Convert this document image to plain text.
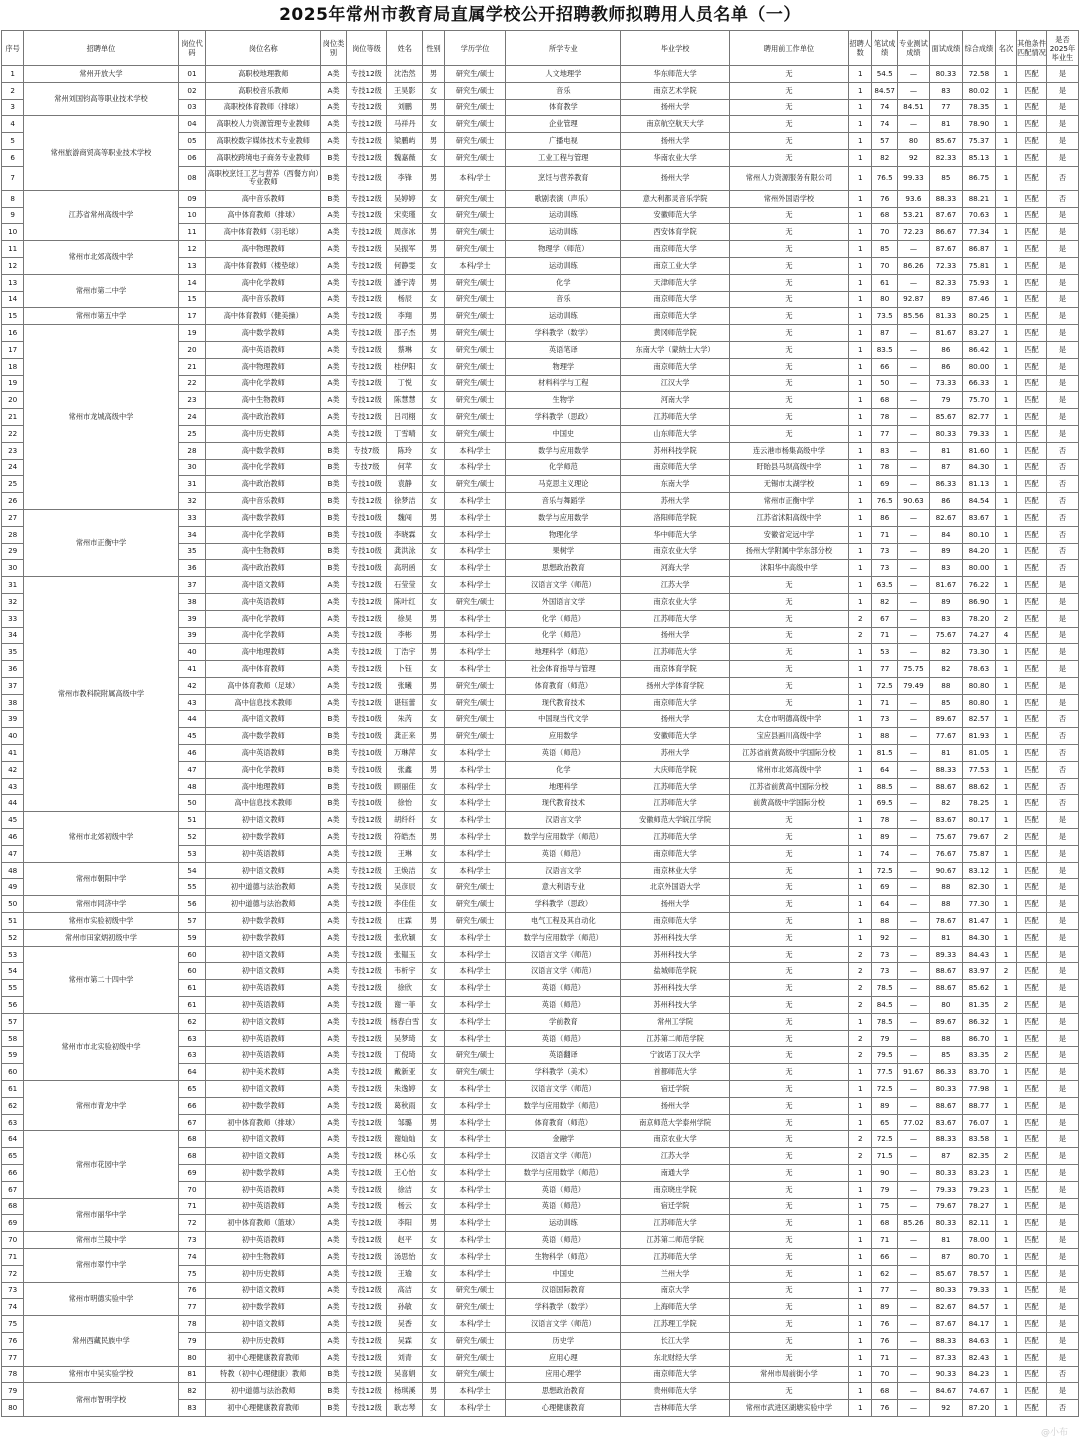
2025年常州市教育局直属学校公开招聘教师拟聘用人员名单（一）
序号	招聘单位	岗位代码	岗位名称	岗位类别	岗位等级	姓名	性别	学历学位	所学专业	毕业学校	聘用前工作单位	招聘人数	笔试成绩	专业测试成绩	面试成绩	综合成绩	名次	其他条件匹配情况	是否2025年毕业生
1	常州开放大学	01	高职校地理教师	A类	专技12级	沈浩然	男	研究生/硕士	人文地理学	华东师范大学	无	1	54.5	—	80.33	72.58	1	匹配	是
2	常州刘国钧高等职业技术学校	02	高职校音乐教师	A类	专技12级	王昊影	女	研究生/硕士	音乐	南京艺术学院	无	1	84.57	—	83	80.02	1	匹配	是
3		03	高职校体育教师（排球）	A类	专技12级	刘鹏	男	研究生/硕士	体育教学	扬州大学	无	1	74	84.51	77	78.35	1	匹配	是
4	常州旅游商贸高等职业技术学校	04	高职校人力资源管理专业教师	A类	专技12级	马祥丹	女	研究生/硕士	企业管理	南京航空航天大学	无	1	74	—	81	78.90	1	匹配	是
5		05	高职校数字媒体技术专业教师	A类	专技12级	梁鹏屿	男	研究生/硕士	广播电视	扬州大学	无	1	57	80	85.67	75.37	1	匹配	是
6		06	高职校跨境电子商务专业教师	B类	专技12级	魏嘉薇	女	研究生/硕士	工业工程与管理	华南农业大学	无	1	82	92	82.33	85.13	1	匹配	是
7		08	高职校烹饪工艺与营养（西餐方向）专业教师	B类	专技12级	李锋	男	本科/学士	烹饪与营养教育	扬州大学	常州人力资源服务有限公司	1	76.5	99.33	85	86.75	1	匹配	否
8	江苏省常州高级中学	09	高中音乐教师	B类	专技12级	吴婷婷	女	研究生/硕士	歌剧表演（声乐）	意大利都灵音乐学院	常州外国语学校	1	76	93.6	88.33	88.21	1	匹配	否
9		10	高中体育教师（排球）	A类	专技12级	宋奕瑾	女	研究生/硕士	运动训练	安徽师范大学	无	1	68	53.21	87.67	70.63	1	匹配	是
10		11	高中体育教师（羽毛球）	A类	专技12级	周彦冰	男	研究生/硕士	运动训练	西安体育学院	无	1	70	72.23	86.67	77.34	1	匹配	是
11	常州市北郊高级中学	12	高中物理教师	A类	专技12级	吴振军	男	研究生/硕士	物理学（师范）	南京师范大学	无	1	85	—	87.67	86.87	1	匹配	是
12		13	高中体育教师（楼垫球）	A类	专技12级	何静雯	女	本科/学士	运动训练	南京工业大学	无	1	70	86.26	72.33	75.81	1	匹配	是
13	常州市第二中学	14	高中化学教师	A类	专技12级	潘宇涛	男	研究生/硕士	化学	天津师范大学	无	1	61	—	82.33	75.93	1	匹配	是
14		15	高中音乐教师	A类	专技12级	杨辰	女	研究生/硕士	音乐	南京师范大学	无	1	80	92.87	89	87.46	1	匹配	是
15	常州市第五中学	17	高中体育教师（健美操）	A类	专技12级	李翔	男	研究生/硕士	运动训练	南京师范大学	无	1	73.5	85.56	81.33	80.25	1	匹配	是
16	常州市龙城高级中学	19	高中数学教师	A类	专技12级	邵子杰	男	研究生/硕士	学科教学（数学）	黄冈师范学院	无	1	87	—	81.67	83.27	1	匹配	是
17		20	高中英语教师	A类	专技12级	蔡琳	女	研究生/硕士	英语笔译	东南大学（蒙纳士大学）	无	1	83.5	—	86	86.42	1	匹配	是
18		21	高中物理教师	A类	专技12级	桂伊阳	女	研究生/硕士	物理学	南京师范大学	无	1	66	—	86	80.00	1	匹配	是
19		22	高中化学教师	A类	专技12级	丁悦	女	研究生/硕士	材料科学与工程	江汉大学	无	1	50	—	73.33	66.33	1	匹配	是
20		23	高中生物教师	A类	专技12级	陈慧慧	女	研究生/硕士	生物学	河南大学	无	1	68	—	79	75.70	1	匹配	是
21		24	高中政治教师	A类	专技12级	吕司栩	女	研究生/硕士	学科教学（思政）	江苏师范大学	无	1	78	—	85.67	82.77	1	匹配	是
22		25	高中历史教师	A类	专技12级	丁雪晴	女	研究生/硕士	中国史	山东师范大学	无	1	77	—	80.33	79.33	1	匹配	是
23		28	高中数学教师	B类	专技7级	陈玲	女	本科/学士	数学与应用数学	苏州科技学院	连云港市杨集高级中学	1	83	—	81	81.60	1	匹配	否
24		30	高中化学教师	B类	专技7级	何苹	女	本科/学士	化学师范	南京师范大学	盱眙县马坝高级中学	1	78	—	87	84.30	1	匹配	否
25		31	高中政治教师	B类	专技10级	袁静	女	研究生/硕士	马克思主义理论	东南大学	无锡市太湖学校	1	69	—	86.33	81.13	1	匹配	否
26		32	高中音乐教师	B类	专技12级	徐梦洁	女	本科/学士	音乐与舞蹈学	苏州大学	常州市正衡中学	1	76.5	90.63	86	84.54	1	匹配	否
27	常州市正衡中学	33	高中数学教师	B类	专技10级	魏闯	男	本科/学士	数学与应用数学	洛阳师范学院	江苏省沭阳高级中学	1	86	—	82.67	83.67	1	匹配	否
28		34	高中化学教师	B类	专技10级	李晓霖	女	本科/学士	物理化学	华中师范大学	安徽省定远中学	1	71	—	84	80.10	1	匹配	否
29		35	高中生物教师	B类	专技10级	龚洪泳	女	本科/学士	果树学	南京农业大学	扬州大学附属中学东部分校	1	73	—	89	84.20	1	匹配	否
30		36	高中政治教师	B类	专技10级	高玥函	女	本科/学士	思想政治教育	河海大学	沭阳华中高级中学	1	73	—	83	80.00	1	匹配	否
31	常州市教科院附属高级中学	37	高中语文教师	A类	专技12级	石莹莹	女	本科/学士	汉语言文学（师范）	江苏大学	无	1	63.5	—	81.67	76.22	1	匹配	是
32		38	高中英语教师	A类	专技12级	陈叶红	女	研究生/硕士	外国语言文学	南京农业大学	无	1	82	—	89	86.90	1	匹配	是
33		39	高中化学教师	A类	专技12级	徐昊	男	本科/学士	化学（师范）	江苏师范大学	无	2	67	—	83	78.20	2	匹配	是
34		39	高中化学教师	A类	专技12级	李彬	男	本科/学士	化学（师范）	扬州大学	无	2	71	—	75.67	74.27	4	匹配	是
35		40	高中地理教师	A类	专技12级	丁浩宇	男	本科/学士	地理科学（师范）	江苏师范大学	无	1	53	—	82	73.30	1	匹配	是
36		41	高中体育教师	A类	专技12级	卜钰	女	本科/学士	社会体育指导与管理	南京体育学院	无	1	77	75.75	82	78.63	1	匹配	是
37		42	高中体育教师（足球）	A类	专技12级	张曦	男	研究生/硕士	体育教育（师范）	扬州大学体育学院	无	1	72.5	79.49	88	80.80	1	匹配	是
38		43	高中信息技术教师	A类	专技12级	谌钰蕾	女	研究生/硕士	现代教育技术	南京师范大学	无	1	71	—	85	80.80	1	匹配	是
39		44	高中语文教师	B类	专技10级	朱芮	女	研究生/硕士	中国现当代文学	扬州大学	太仓市明德高级中学	1	73	—	89.67	82.57	1	匹配	否
40		45	高中数学教师	B类	专技10级	龚正来	男	研究生/硕士	应用数学	安徽师范大学	宝应县画川高级中学	1	88	—	77.67	81.93	1	匹配	否
41		46	高中英语教师	B类	专技10级	万琳萍	女	本科/学士	英语（师范）	苏州大学	江苏省前黄高级中学国际分校	1	81.5	—	81	81.05	1	匹配	否
42		47	高中化学教师	B类	专技10级	张鑫	男	本科/学士	化学	大庆师范学院	常州市北郊高级中学	1	64	—	88.33	77.53	1	匹配	否
43		48	高中地理教师	B类	专技10级	顾丽佳	女	本科/学士	地理科学	江苏师范大学	江苏省前黄高中国际分校	1	88.5	—	88.67	88.62	1	匹配	否
44		50	高中信息技术教师	B类	专技10级	徐怡	女	本科/学士	现代教育技术	江苏师范大学	前黄高级中学国际分校	1	69.5	—	82	78.25	1	匹配	否
45	常州市北郊初级中学	51	初中语文教师	A类	专技12级	胡纤纤	女	本科/学士	汉语言文学	安徽师范大学皖江学院	无	1	78	—	83.67	80.17	1	匹配	是
46		52	初中数学教师	A类	专技12级	符皓杰	男	本科/学士	数学与应用数学（师范）	江苏师范大学	无	1	89	—	75.67	79.67	2	匹配	是
47		53	初中英语教师	A类	专技12级	王琳	女	本科/学士	英语（师范）	南京师范大学	无	1	74	—	76.67	75.87	1	匹配	是
48	常州市朝阳中学	54	初中语文教师	A类	专技12级	王焕洁	女	本科/学士	汉语言文学	南京林业大学	无	1	72.5	—	90.67	83.12	1	匹配	是
49		55	初中道德与法治教师	A类	专技12级	吴彦辰	女	研究生/硕士	意大利语专业	北京外国语大学	无	1	69	—	88	82.30	1	匹配	是
50	常州市同济中学	56	初中道德与法治教师	A类	专技12级	李佳佳	女	研究生/硕士	学科教学（思政）	扬州大学	无	1	64	—	88	77.30	1	匹配	是
51	常州市实验初级中学	57	初中数学教师	A类	专技12级	庄霖	男	研究生/硕士	电气工程及其自动化	南京师范大学	无	1	88	—	78.67	81.47	1	匹配	是
52	常州市田家炳初级中学	59	初中数学教师	A类	专技12级	张欣颖	女	本科/学士	数学与应用数学（师范）	苏州科技大学	无	1	92	—	81	84.30	1	匹配	是
53	常州市第二十四中学	60	初中语文教师	A类	专技12级	张韫玉	女	本科/学士	汉语言文学（师范）	苏州科技大学	无	2	73	—	89.33	84.43	1	匹配	是
54		60	初中语文教师	A类	专技12级	韦析宇	女	本科/学士	汉语言文学（师范）	盐城师范学院	无	2	73	—	88.67	83.97	2	匹配	是
55		61	初中英语教师	A类	专技12级	徐欣	女	本科/学士	英语（师范）	苏州科技大学	无	2	78.5	—	88.67	85.62	1	匹配	是
56		61	初中英语教师	A类	专技12级	谢一菲	女	本科/学士	英语（师范）	苏州科技大学	无	2	84.5	—	80	81.35	2	匹配	是
57	常州市市北实验初级中学	62	初中语文教师	A类	专技12级	杨春白雪	女	本科/学士	学前教育	常州工学院	无	1	78.5	—	89.67	86.32	1	匹配	是
58		63	初中英语教师	A类	专技12级	吴梦琦	女	本科/学士	英语（师范）	江苏第二师范学院	无	2	79	—	88	86.70	1	匹配	是
59		63	初中英语教师	A类	专技12级	丁倪琦	女	研究生/硕士	英语翻译	宁波诺丁汉大学	无	2	79.5	—	85	83.35	2	匹配	是
60		64	初中美术教师	A类	专技12级	戴新亚	女	研究生/硕士	学科教学（美术）	首都师范大学	无	1	77.5	91.67	86.33	83.70	1	匹配	是
61	常州市青龙中学	65	初中语文教师	A类	专技12级	朱逸婷	女	本科/学士	汉语言文学（师范）	宿迁学院	无	1	72.5	—	80.33	77.98	1	匹配	是
62		66	初中数学教师	A类	专技12级	葛秋雨	女	本科/学士	数学与应用数学（师范）	扬州大学	无	1	89	—	88.67	88.77	1	匹配	是
63		67	初中体育教师（排球）	A类	专技12级	邹璐	男	本科/学士	体育教育（师范）	南京师范大学泰州学院	无	1	65	77.02	83.67	76.07	1	匹配	是
64	常州市花园中学	68	初中语文教师	A类	专技12级	谢灿灿	女	本科/学士	金融学	南京农业大学	无	2	72.5	—	88.33	83.58	1	匹配	是
65		68	初中语文教师	A类	专技12级	林心乐	女	本科/学士	汉语言文学（师范）	江苏大学	无	2	71.5	—	87	82.35	2	匹配	是
66		69	初中数学教师	A类	专技12级	王心怡	女	本科/学士	数学与应用数学（师范）	南通大学	无	1	90	—	80.33	83.23	1	匹配	是
67		70	初中英语教师	A类	专技12级	徐洁	女	本科/学士	英语（师范）	南京晓庄学院	无	1	79	—	79.33	79.23	1	匹配	是
68	常州市丽华中学	71	初中英语教师	A类	专技12级	杨云	女	本科/学士	英语（师范）	宿迁学院	无	1	75	—	79.67	78.27	1	匹配	是
69		72	初中体育教师（篮球）	A类	专技12级	李阳	男	本科/学士	运动训练	江苏师范大学	无	1	68	85.26	80.33	82.11	1	匹配	是
70	常州市兰陵中学	73	初中英语教师	A类	专技12级	赵平	女	本科/学士	英语（师范）	江苏第二师范学院	无	1	71	—	81	78.00	1	匹配	是
71	常州市翠竹中学	74	初中生物教师	A类	专技12级	汤思怡	女	本科/学士	生物科学（师范）	江苏师范大学	无	1	66	—	87	80.70	1	匹配	是
72		75	初中历史教师	A类	专技12级	王瑜	女	本科/学士	中国史	兰州大学	无	1	62	—	85.67	78.57	1	匹配	是
73	常州市明德实验中学	76	初中语文教师	A类	专技12级	高洁	女	研究生/硕士	汉语国际教育	南京大学	无	1	77	—	80.33	79.33	1	匹配	是
74		77	初中数学教师	A类	专技12级	孙敏	女	研究生/硕士	学科教学（数学）	上海师范大学	无	1	89	—	82.67	84.57	1	匹配	是
75	常州西藏民族中学	78	初中语文教师	A类	专技12级	吴香	女	本科/学士	汉语言文学（师范）	江苏理工学院	无	1	76	—	87.67	84.17	1	匹配	是
76		79	初中历史教师	A类	专技12级	吴霖	女	研究生/硕士	历史学	长江大学	无	1	76	—	88.33	84.63	1	匹配	是
77		80	初中心理健康教育教师	A类	专技12级	刘青	女	研究生/硕士	应用心理	东北财经大学	无	1	71	—	87.33	82.43	1	匹配	是
78	常州市中吴实验学校	81	特教（初中心理健康）教师	B类	专技12级	吴喜娟	女	研究生/硕士	应用心理学	南京师范大学	常州市局前街小学	1	70	—	90.33	84.23	1	匹配	否
79	常州市智明学校	82	初中道德与法治教师	B类	专技12级	杨琪溪	男	本科/学士	思想政治教育	贵州师范大学	无	1	68	—	84.67	74.67	1	匹配	是
80		83	初中心理健康教育教师	B类	专技12级	耿志琴	女	本科/学士	心理健康教育	吉林师范大学	常州市武进区湖塘实验中学	1	76	—	92	87.20	1	匹配	否
@小布
